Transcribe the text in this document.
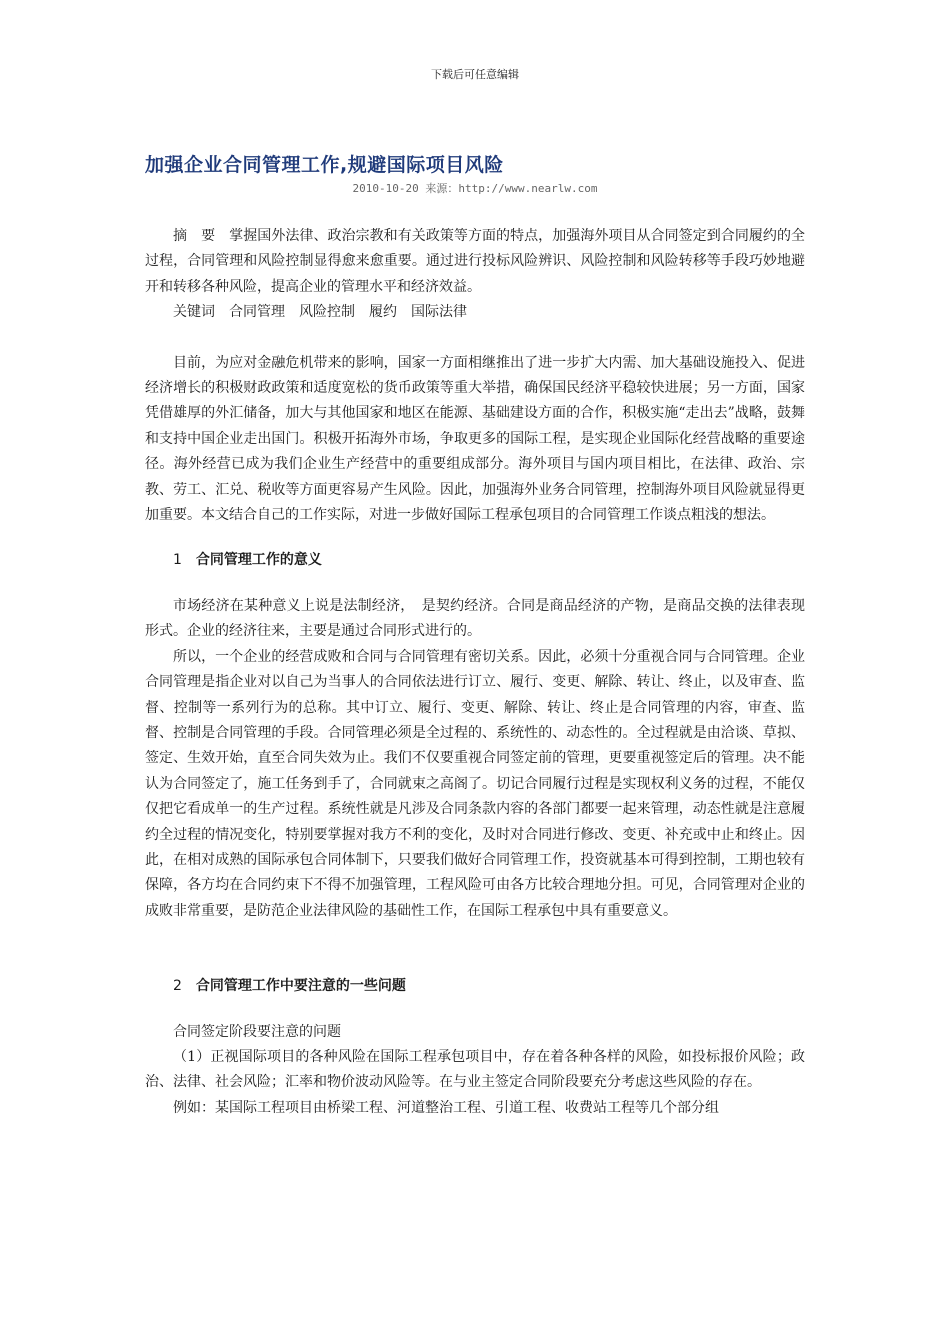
下载后可任意编辑
加强企业合同管理工作,规避国际项目风险
2010-10-20 来源：http://www.nearlw.com

摘　要　掌握国外法律、政治宗教和有关政策等方面的特点，加强海外项目从合同签定到合同履约的全过程，合同管理和风险控制显得愈来愈重要。通过进行投标风险辨识、风险控制和风险转移等手段巧妙地避开和转移各种风险，提高企业的管理水平和经济效益。

关键词　合同管理　风险控制　履约　国际法律

目前，为应对金融危机带来的影响，国家一方面相继推出了进一步扩大内需、加大基础设施投入、促进经济增长的积极财政政策和适度宽松的货币政策等重大举措，确保国民经济平稳较快进展；另一方面，国家凭借雄厚的外汇储备，加大与其他国家和地区在能源、基础建设方面的合作，积极实施“走出去”战略，鼓舞和支持中国企业走出国门。积极开拓海外市场，争取更多的国际工程，是实现企业国际化经营战略的重要途径。海外经营已成为我们企业生产经营中的重要组成部分。海外项目与国内项目相比，在法律、政治、宗教、劳工、汇兑、税收等方面更容易产生风险。因此，加强海外业务合同管理，控制海外项目风险就显得更加重要。本文结合自己的工作实际，对进一步做好国际工程承包项目的合同管理工作谈点粗浅的想法。

1 合同管理工作的意义

市场经济在某种意义上说是法制经济，　是契约经济。合同是商品经济的产物，是商品交换的法律表现形式。企业的经济往来，主要是通过合同形式进行的。

所以，一个企业的经营成败和合同与合同管理有密切关系。因此，必须十分重视合同与合同管理。企业合同管理是指企业对以自己为当事人的合同依法进行订立、履行、变更、解除、转让、终止，以及审查、监督、控制等一系列行为的总称。其中订立、履行、变更、解除、转让、终止是合同管理的内容，审查、监督、控制是合同管理的手段。合同管理必须是全过程的、系统性的、动态性的。全过程就是由洽谈、草拟、签定、生效开始，直至合同失效为止。我们不仅要重视合同签定前的管理，更要重视签定后的管理。决不能认为合同签定了，施工任务到手了，合同就束之高阁了。切记合同履行过程是实现权利义务的过程，不能仅仅把它看成单一的生产过程。系统性就是凡涉及合同条款内容的各部门都要一起来管理，动态性就是注意履约全过程的情况变化，特别要掌握对我方不利的变化，及时对合同进行修改、变更、补充或中止和终止。因此，在相对成熟的国际承包合同体制下，只要我们做好合同管理工作，投资就基本可得到控制，工期也较有保障，各方均在合同约束下不得不加强管理，工程风险可由各方比较合理地分担。可见，合同管理对企业的成败非常重要，是防范企业法律风险的基础性工作，在国际工程承包中具有重要意义。

2 合同管理工作中要注意的一些问题

合同签定阶段要注意的问题

（1）正视国际项目的各种风险在国际工程承包项目中，存在着各种各样的风险，如投标报价风险；政治、法律、社会风险；汇率和物价波动风险等。在与业主签定合同阶段要充分考虑这些风险的存在。

例如：某国际工程项目由桥梁工程、河道整治工程、引道工程、收费站工程等几个部分组
